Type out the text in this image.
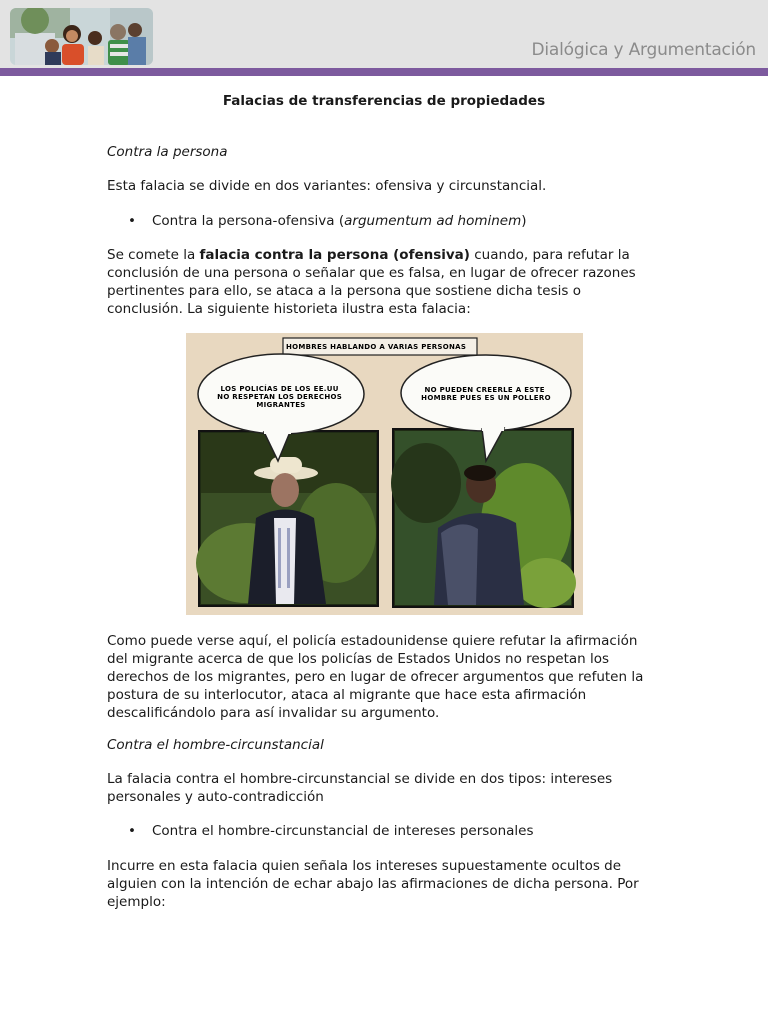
Dialógica y Argumentación
Falacias de transferencias de propiedades

Contra la persona

Esta falacia se divide en dos variantes: ofensiva y circunstancial.

• Contra la persona-ofensiva (argumentum ad hominem)
Se comete la falacia contra la persona (ofensiva) cuando, para refutar la
conclusión de una persona o señalar que es falsa, en lugar de ofrecer razones
pertinentes para ello, se ataca a la persona que sostiene dicha tesis o
conclusión. La siguiente historieta ilustra esta falacia:
HOMBRES HABLANDO A VARIAS PERSONAS
LOS POLICÍAS DE LOS EE.UU NO RESPETAN LOS DERECHOS MIGRANTES
NO PUEDEN CREERLE A ESTE HOMBRE PUES ES UN POLLERO
Como puede verse aquí, el policía estadounidense quiere refutar la afirmación
del migrante acerca de que los policías de Estados Unidos no respetan los
derechos de los migrantes, pero en lugar de ofrecer argumentos que refuten la
postura de su interlocutor, ataca al migrante que hace esta afirmación
descalificándolo para así invalidar su argumento.

Contra el hombre-circunstancial

La falacia contra el hombre-circunstancial se divide en dos tipos: intereses
personales y auto-contradicción
• Contra el hombre-circunstancial de intereses personales
Incurre en esta falacia quien señala los intereses supuestamente ocultos de
alguien con la intención de echar abajo las afirmaciones de dicha persona. Por
ejemplo:
